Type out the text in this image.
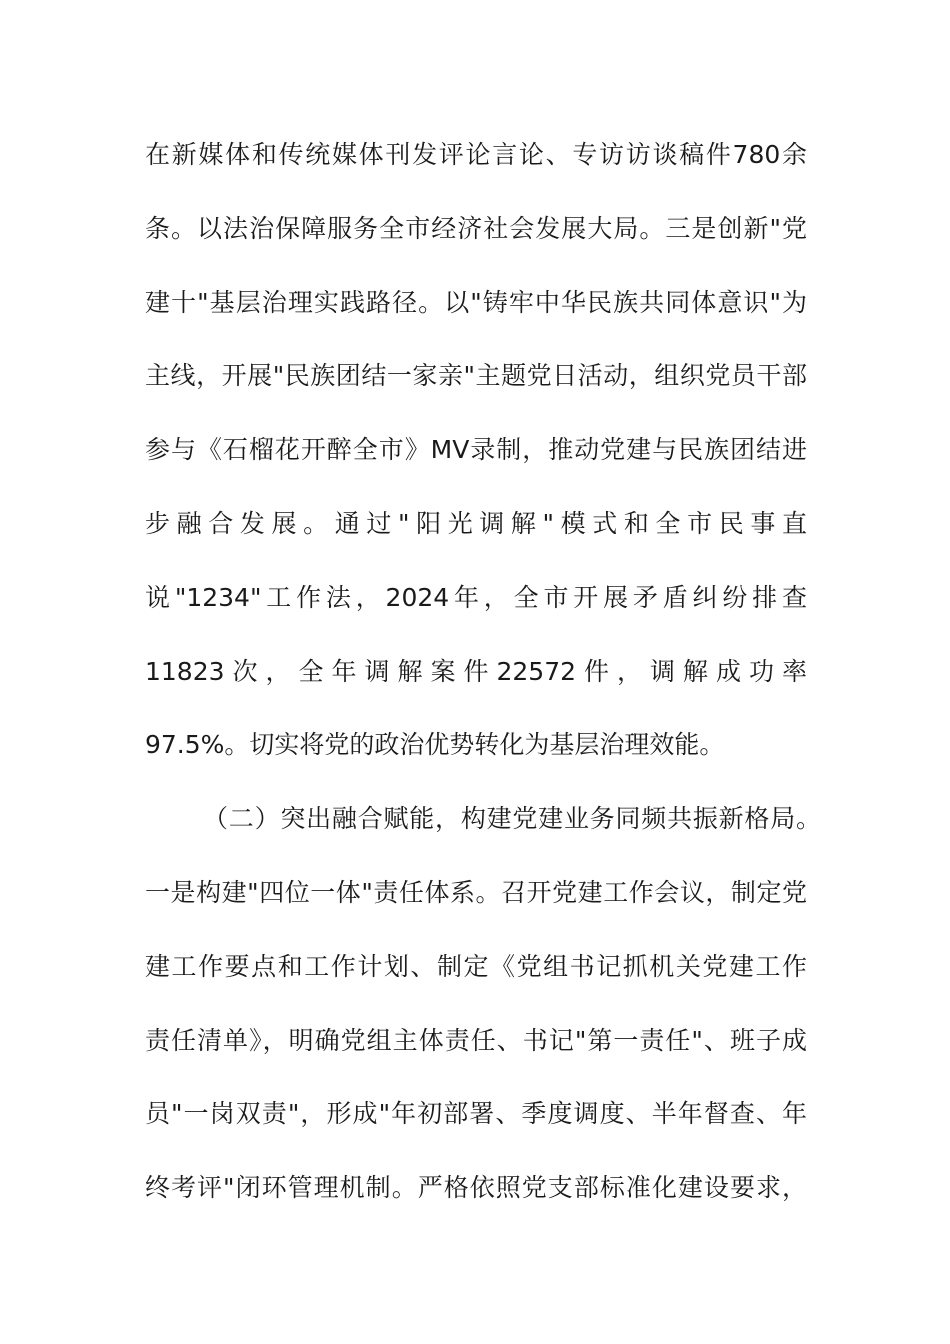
在新媒体和传统媒体刊发评论言论、专访访谈稿件780余
条。以法治保障服务全市经济社会发展大局。三是创新"党
建十"基层治理实践路径。以"铸牢中华民族共同体意识"为
主线，开展"民族团结一家亲"主题党日活动，组织党员干部
参与《石榴花开醉全市》MV录制，推动党建与民族团结进
步融合发展。通过"阳光调解"模式和全市民事直
说"1234"工作法，2024年，全市开展矛盾纠纷排查
11823次，全年调解案件22572件，调解成功率
97.5%。切实将党的政治优势转化为基层治理效能。
（二）突出融合赋能，构建党建业务同频共振新格局。
一是构建"四位一体"责任体系。召开党建工作会议，制定党
建工作要点和工作计划、制定《党组书记抓机关党建工作
责任清单》，明确党组主体责任、书记"第一责任"、班子成
员"一岗双责"，形成"年初部署、季度调度、半年督查、年
终考评"闭环管理机制。严格依照党支部标准化建设要求，
